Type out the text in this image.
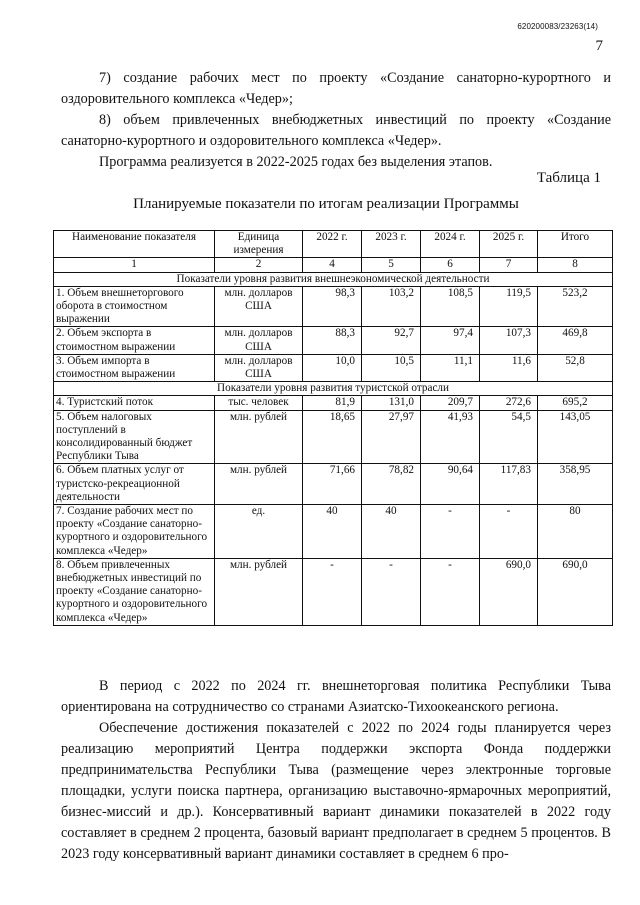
620200083/23263(14)
7

7) создание рабочих мест по проекту «Создание санаторно-курортного и оздоровительного комплекса «Чедер»;

8) объем привлеченных внебюджетных инвестиций по проекту «Создание санаторно-курортного и оздоровительного комплекса «Чедер».

Программа реализуется в 2022-2025 годах без выделения этапов.

Таблица 1
Планируемые показатели по итогам реализации Программы
Наименование показателя	Единица измерения	2022 г.	2023 г.	2024 г.	2025 г.	Итого
1	2	4	5	6	7	8
Показатели уровня развития внешнеэкономической деятельности						
1. Объем внешнеторгового оборота в стоимостном выражении	млн. долларов США	98,3	103,2	108,5	119,5	523,2
2. Объем экспорта в стоимостном выражении	млн. долларов США	88,3	92,7	97,4	107,3	469,8
3. Объем импорта в стоимостном выражении	млн. долларов США	10,0	10,5	11,1	11,6	52,8
Показатели уровня развития туристской отрасли						
4. Туристский поток	тыс. человек	81,9	131,0	209,7	272,6	695,2
5. Объем налоговых поступлений в консолидированный бюджет Республики Тыва	млн. рублей	18,65	27,97	41,93	54,5	143,05
6. Объем платных услуг от туристско-рекреационной деятельности	млн. рублей	71,66	78,82	90,64	117,83	358,95
7. Создание рабочих мест по проекту «Создание санаторно-курортного и оздоровительного комплекса «Чедер»	ед.	40	40	-	-	80
8. Объем привлеченных внебюджетных инвестиций по проекту «Создание санаторно-курортного и оздоровительного комплекса «Чедер»	млн. рублей	-	-	-	690,0	690,0

В период с 2022 по 2024 гг. внешнеторговая политика Республики Тыва ориентирована на сотрудничество со странами Азиатско-Тихоокеанского региона.

Обеспечение достижения показателей с 2022 по 2024 годы планируется через реализацию мероприятий Центра поддержки экспорта Фонда поддержки предпринимательства Республики Тыва (размещение через электронные торговые площадки, услуги поиска партнера, организацию выставочно-ярмарочных мероприятий, бизнес-миссий и др.). Консервативный вариант динамики показателей в 2022 году составляет в среднем 2 процента, базовый вариант предполагает в среднем 5 процентов. В 2023 году консервативный вариант динамики составляет в среднем 6 про-
